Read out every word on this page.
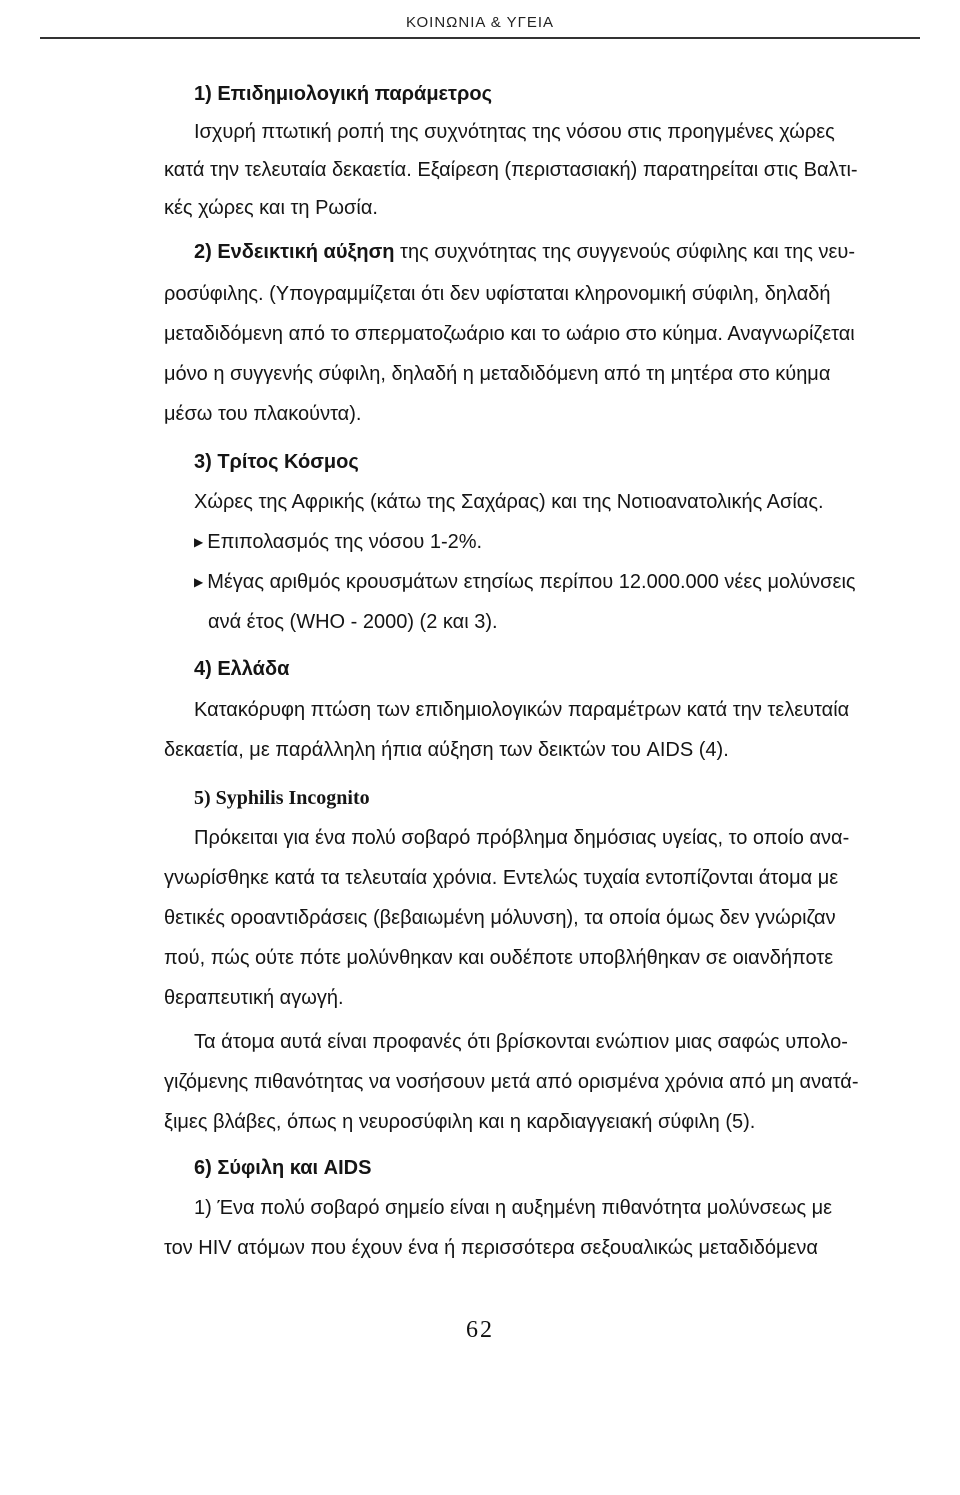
ΚΟΙΝΩΝΙΑ & ΥΓΕΙΑ
1) Επιδημιολογική παράμετρος
Ισχυρή πτωτική ροπή της συχνότητας της νόσου στις προηγμένες χώρες
κατά την τελευταία δεκαετία. Εξαίρεση (περιστασιακή) παρατηρείται στις Βαλτι-
κές χώρες και τη Ρωσία.
2) Ενδεικτική αύξηση της συχνότητας της συγγενούς σύφιλης και της νευ-
ροσύφιλης. (Υπογραμμίζεται ότι δεν υφίσταται κληρονομική σύφιλη, δηλαδή
μεταδιδόμενη από το σπερματοζωάριο και το ωάριο στο κύημα. Αναγνωρίζεται
μόνο η συγγενής σύφιλη, δηλαδή η μεταδιδόμενη από τη μητέρα στο κύημα
μέσω του πλακούντα).
3) Τρίτος Κόσμος
Χώρες της Αφρικής (κάτω της Σαχάρας) και της Νοτιοανατολικής Ασίας.
▶ Επιπολασμός της νόσου 1-2%.
▶ Μέγας αριθμός κρουσμάτων ετησίως περίπου 12.000.000 νέες μολύνσεις
ανά έτος (WHO - 2000) (2 και 3).
4) Ελλάδα
Κατακόρυφη πτώση των επιδημιολογικών παραμέτρων κατά την τελευταία
δεκαετία, με παράλληλη ήπια αύξηση των δεικτών του AIDS (4).
5) Syphilis Incognito
Πρόκειται για ένα πολύ σοβαρό πρόβλημα δημόσιας υγείας, το οποίο ανα-
γνωρίσθηκε κατά τα τελευταία χρόνια. Εντελώς τυχαία εντοπίζονται άτομα με
θετικές οροαντιδράσεις (βεβαιωμένη μόλυνση), τα οποία όμως δεν γνώριζαν
πού, πώς ούτε πότε μολύνθηκαν και ουδέποτε υποβλήθηκαν σε οιανδήποτε
θεραπευτική αγωγή.
Τα άτομα αυτά είναι προφανές ότι βρίσκονται ενώπιον μιας σαφώς υπολο-
γιζόμενης πιθανότητας να νοσήσουν μετά από ορισμένα χρόνια από μη ανατά-
ξιμες βλάβες, όπως η νευροσύφιλη και η καρδιαγγειακή σύφιλη (5).
6) Σύφιλη και AIDS
1) Ένα πολύ σοβαρό σημείο είναι η αυξημένη πιθανότητα μολύνσεως με
τον HIV ατόμων που έχουν ένα ή περισσότερα σεξουαλικώς μεταδιδόμενα
62
